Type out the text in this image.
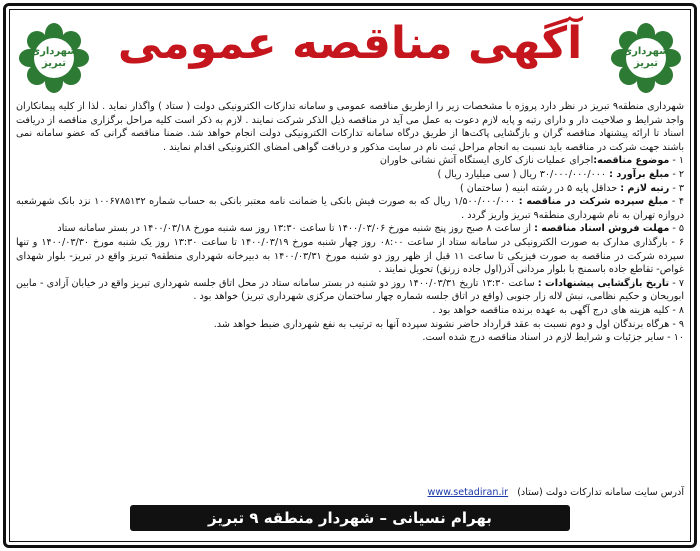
شهرداری تبریز
شهرداری تبریز
آگهی مناقصه عمومی

شهرداری منطقه۹ تبریز در نظر دارد پروژه با مشخصات زیر را ازطریق مناقصه عمومی و سامانه تدارکات الکترونیکی دولت ( ستاد ) واگذار نماید . لذا از کلیه پیمانکاران واجد شرایط و صلاحیت دار و دارای رتبه و پایه لازم دعوت به عمل می آید در مناقصه ذیل الذکر شرکت نمایند . لازم به ذکر است کلیه مراحل برگزاری مناقصه از دریافت اسناد تا ارائه پیشنهاد مناقصه گران و بازگشایی پاکت‌ها از طریق درگاه سامانه تدارکات الکترونیکی دولت انجام خواهد شد. ضمنا مناقصه گرانی که عضو سامانه نمی باشند جهت شرکت در مناقصه باید نسبت به انجام مراحل ثبت نام در سایت مذکور و دریافت گواهی امضای الکترونیکی اقدام نمایند .

۱ - موضوع مناقصه:اجرای عملیات نازک کاری ایستگاه آتش نشانی خاوران
۲ - مبلغ برآورد : ۳۰/۰۰۰/۰۰۰/۰۰۰ ریال ( سی میلیارد ریال )
۳ - رتبه لازم : حداقل پایه ۵ در رشته ابنیه ( ساختمان )
۴ - مبلغ سپرده شرکت در مناقصه : ۱/۵۰۰/۰۰۰/۰۰۰ ریال که به صورت فیش بانکی یا ضمانت نامه معتبر بانکی به حساب شماره ۱۰۰۶۷۸۵۱۳۲ نزد بانک شهرشعبه دروازه تهران به نام شهرداری منطقه۹ تبریز واریز گردد .
۵ - مهلت فروش اسناد مناقصه : از ساعت ۸ صبح روز پنج شنبه مورخ ۱۴۰۰/۰۳/۰۶ تا ساعت ۱۳:۳۰ روز سه شنبه مورخ ۱۴۰۰/۰۳/۱۸ در بستر سامانه ستاد
۶ - بارگذاری مدارک به صورت الکترونیکی در سامانه ستاد از ساعت ۰۸:۰۰ روز چهار شنبه مورخ ۱۴۰۰/۰۳/۱۹ تا ساعت ۱۳:۳۰ روز یک شنبه مورخ ۱۴۰۰/۰۳/۳۰ و تنها سپرده شرکت در مناقصه به صورت فیزیکی تا ساعت ۱۱ قبل از ظهر روز دو شنبه مورخ ۱۴۰۰/۰۳/۳۱ به دبیرخانه شهرداری منطقه۹ تبریز واقع در تبریز- بلوار شهدای غواص- تقاطع جاده باسمنج با بلوار مردانی آذر(اول جاده زرنق) تحویل نمایند .
۷ - تاریخ بازگشایی پیشنهادات : ساعت ۱۳:۳۰ تاریخ ۱۴۰۰/۰۳/۳۱ روز دو شنبه در بستر سامانه ستاد در محل اتاق جلسه شهرداری تبریز واقع در خیابان آزادی - مابین ابوریحان و حکیم نظامی، نبش لاله زار جنوبی (واقع در اتاق جلسه شماره چهار ساختمان مرکزی شهرداری تبریز) خواهد بود .
۸ - کلیه هزینه های درج آگهی به عهده برنده مناقصه خواهد بود .
۹ - هرگاه برندگان اول و دوم نسبت به عقد قرارداد حاضر نشوند سپرده آنها به ترتیب به نفع شهرداری ضبط خواهد شد.
۱۰ - سایر جزئیات و شرایط لازم در اسناد مناقصه درج شده است.
آدرس سایت سامانه تدارکات دولت (ستاد) www.setadiran.ir
بهرام نسیانی – شهردار منطقه ۹ تبریز
